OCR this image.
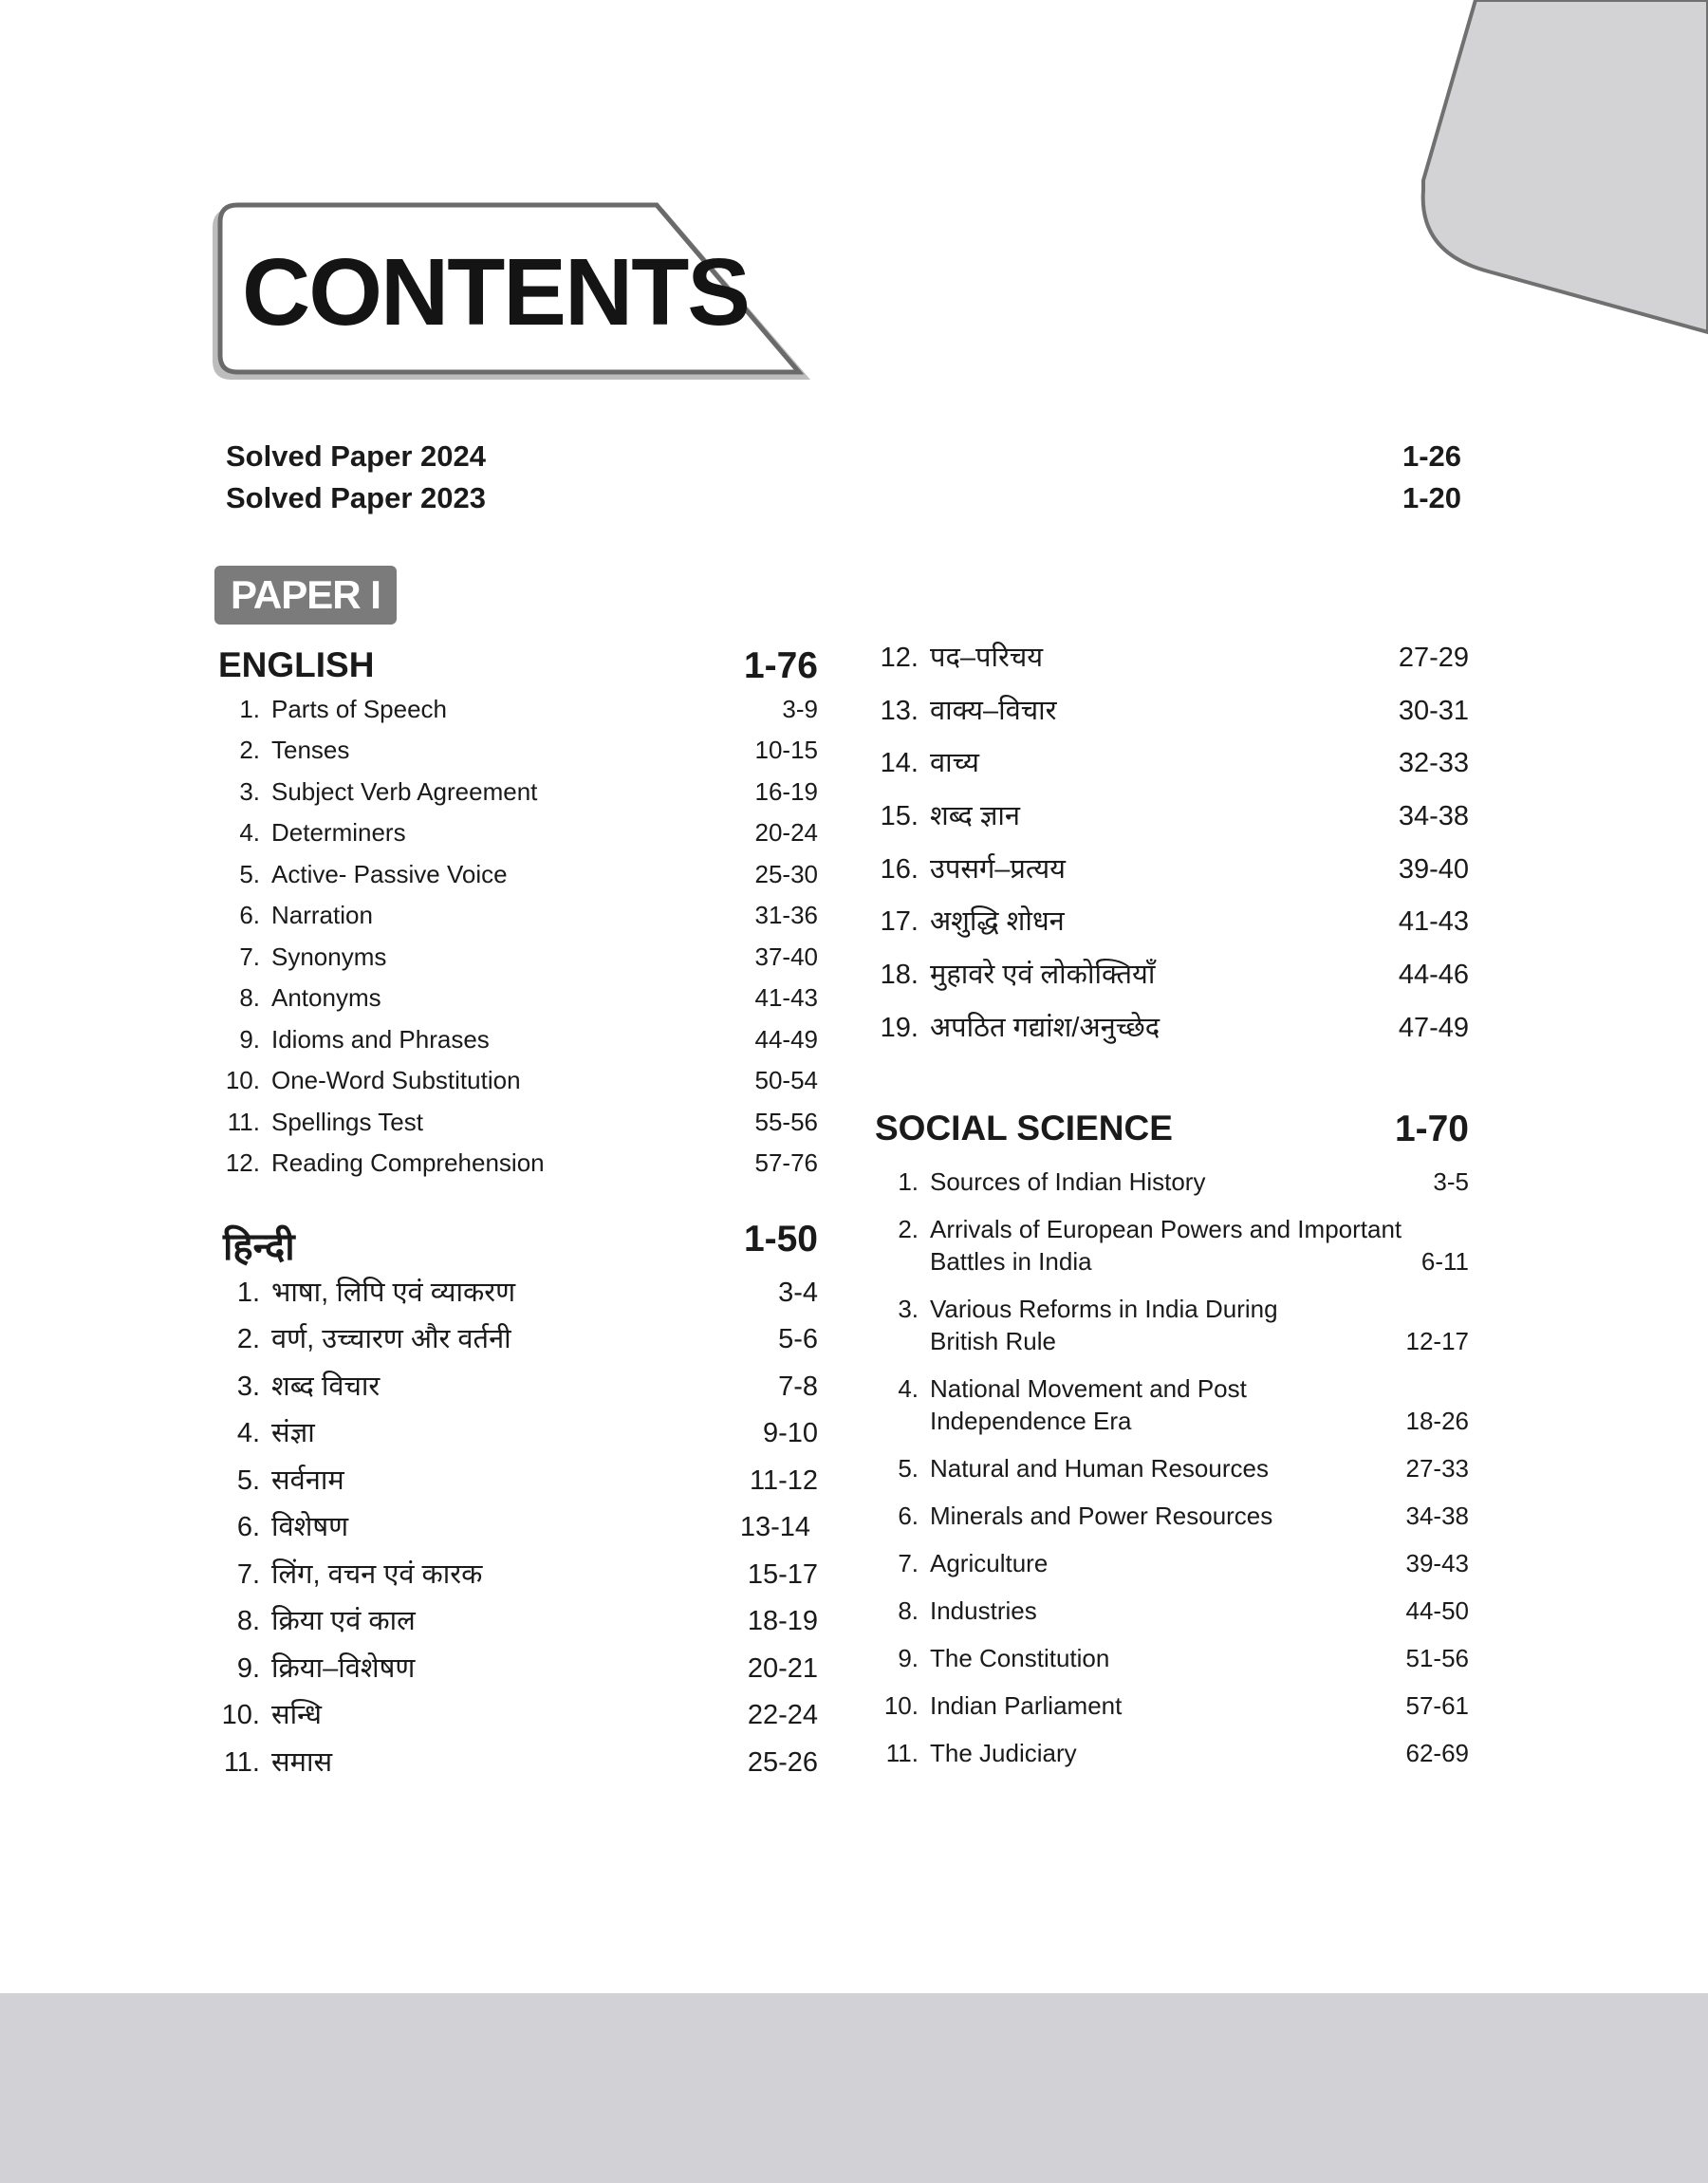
CONTENTS
Solved Paper 2024	1-26
Solved Paper 2023	1-20
PAPER I
ENGLISH	1-76
1. Parts of Speech	3-9
2. Tenses	10-15
3. Subject Verb Agreement	16-19
4. Determiners	20-24
5. Active- Passive Voice	25-30
6. Narration	31-36
7. Synonyms	37-40
8. Antonyms	41-43
9. Idioms and Phrases	44-49
10. One-Word Substitution	50-54
11. Spellings Test	55-56
12. Reading Comprehension	57-76
हिन्दी	1-50
1. भाषा, लिपि एवं व्याकरण	3-4
2. वर्ण, उच्चारण और वर्तनी	5-6
3. शब्द विचार	7-8
4. संज्ञा	9-10
5. सर्वनाम	11-12
6. विशेषण	13-14
7. लिंग, वचन एवं कारक	15-17
8. क्रिया एवं काल	18-19
9. क्रिया–विशेषण	20-21
10. सन्धि	22-24
11. समास	25-26
12. पद–परिचय	27-29
13. वाक्य–विचार	30-31
14. वाच्य	32-33
15. शब्द ज्ञान	34-38
16. उपसर्ग–प्रत्यय	39-40
17. अशुद्धि शोधन	41-43
18. मुहावरे एवं लोकोक्तियाँ	44-46
19. अपठित गद्यांश/अनुच्छेद	47-49
SOCIAL SCIENCE	1-70
1. Sources of Indian History	3-5
2. Arrivals of European Powers and Important Battles in India	6-11
3. Various Reforms in India During British Rule	12-17
4. National Movement and Post Independence Era	18-26
5. Natural and Human Resources	27-33
6. Minerals and Power Resources	34-38
7. Agriculture	39-43
8. Industries	44-50
9. The Constitution	51-56
10. Indian Parliament	57-61
11. The Judiciary	62-69
